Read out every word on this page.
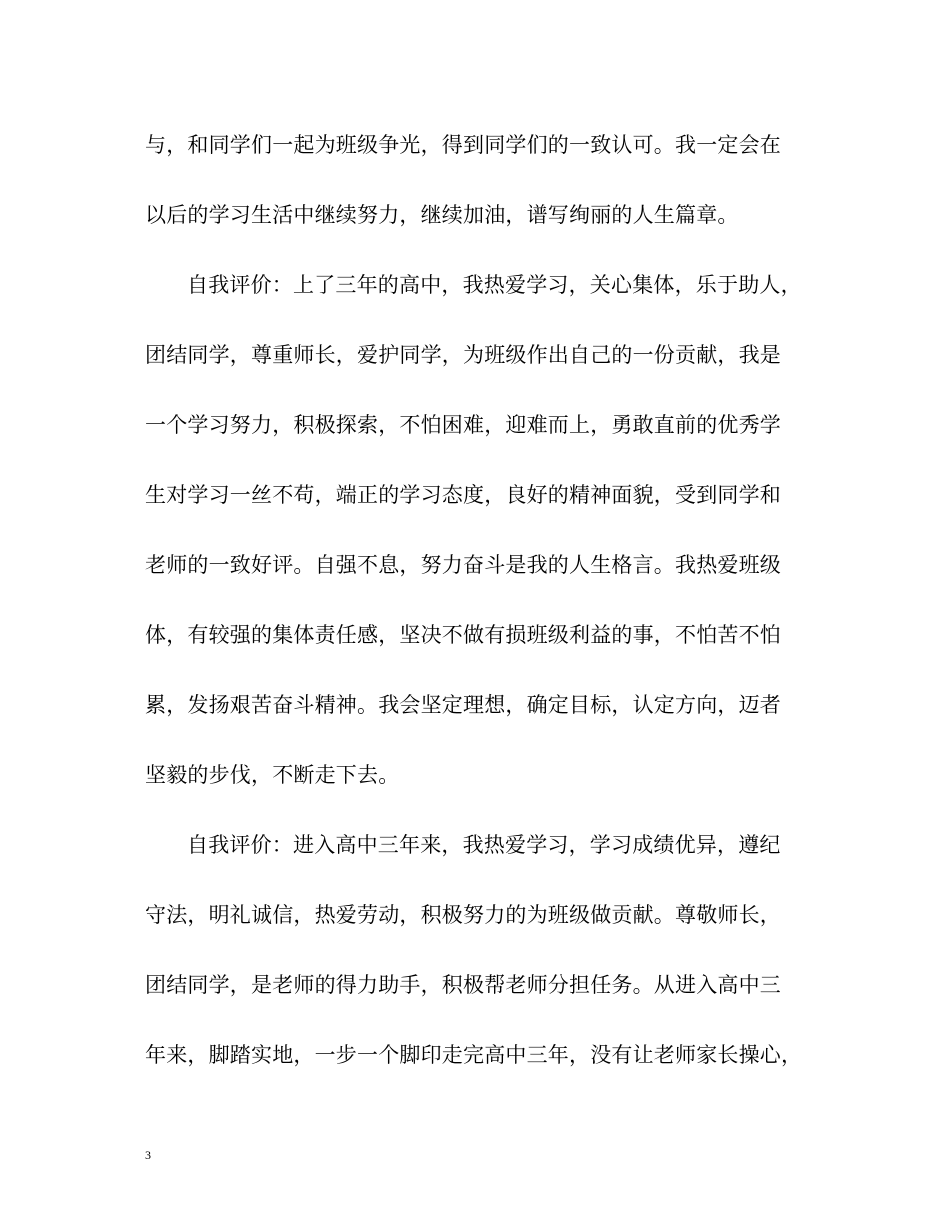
与，和同学们一起为班级争光，得到同学们的一致认可。我一定会在
以后的学习生活中继续努力，继续加油，谱写绚丽的人生篇章。
自我评价：上了三年的高中，我热爱学习，关心集体，乐于助人，
团结同学，尊重师长，爱护同学，为班级作出自己的一份贡献，我是
一个学习努力，积极探索，不怕困难，迎难而上，勇敢直前的优秀学
生对学习一丝不苟，端正的学习态度，良好的精神面貌，受到同学和
老师的一致好评。自强不息，努力奋斗是我的人生格言。我热爱班级
体，有较强的集体责任感，坚决不做有损班级利益的事，不怕苦不怕
累，发扬艰苦奋斗精神。我会坚定理想，确定目标，认定方向，迈者
坚毅的步伐，不断走下去。
自我评价：进入高中三年来，我热爱学习，学习成绩优异，遵纪
守法，明礼诚信，热爱劳动，积极努力的为班级做贡献。尊敬师长，
团结同学，是老师的得力助手，积极帮老师分担任务。从进入高中三
年来，脚踏实地，一步一个脚印走完高中三年，没有让老师家长操心，
3
